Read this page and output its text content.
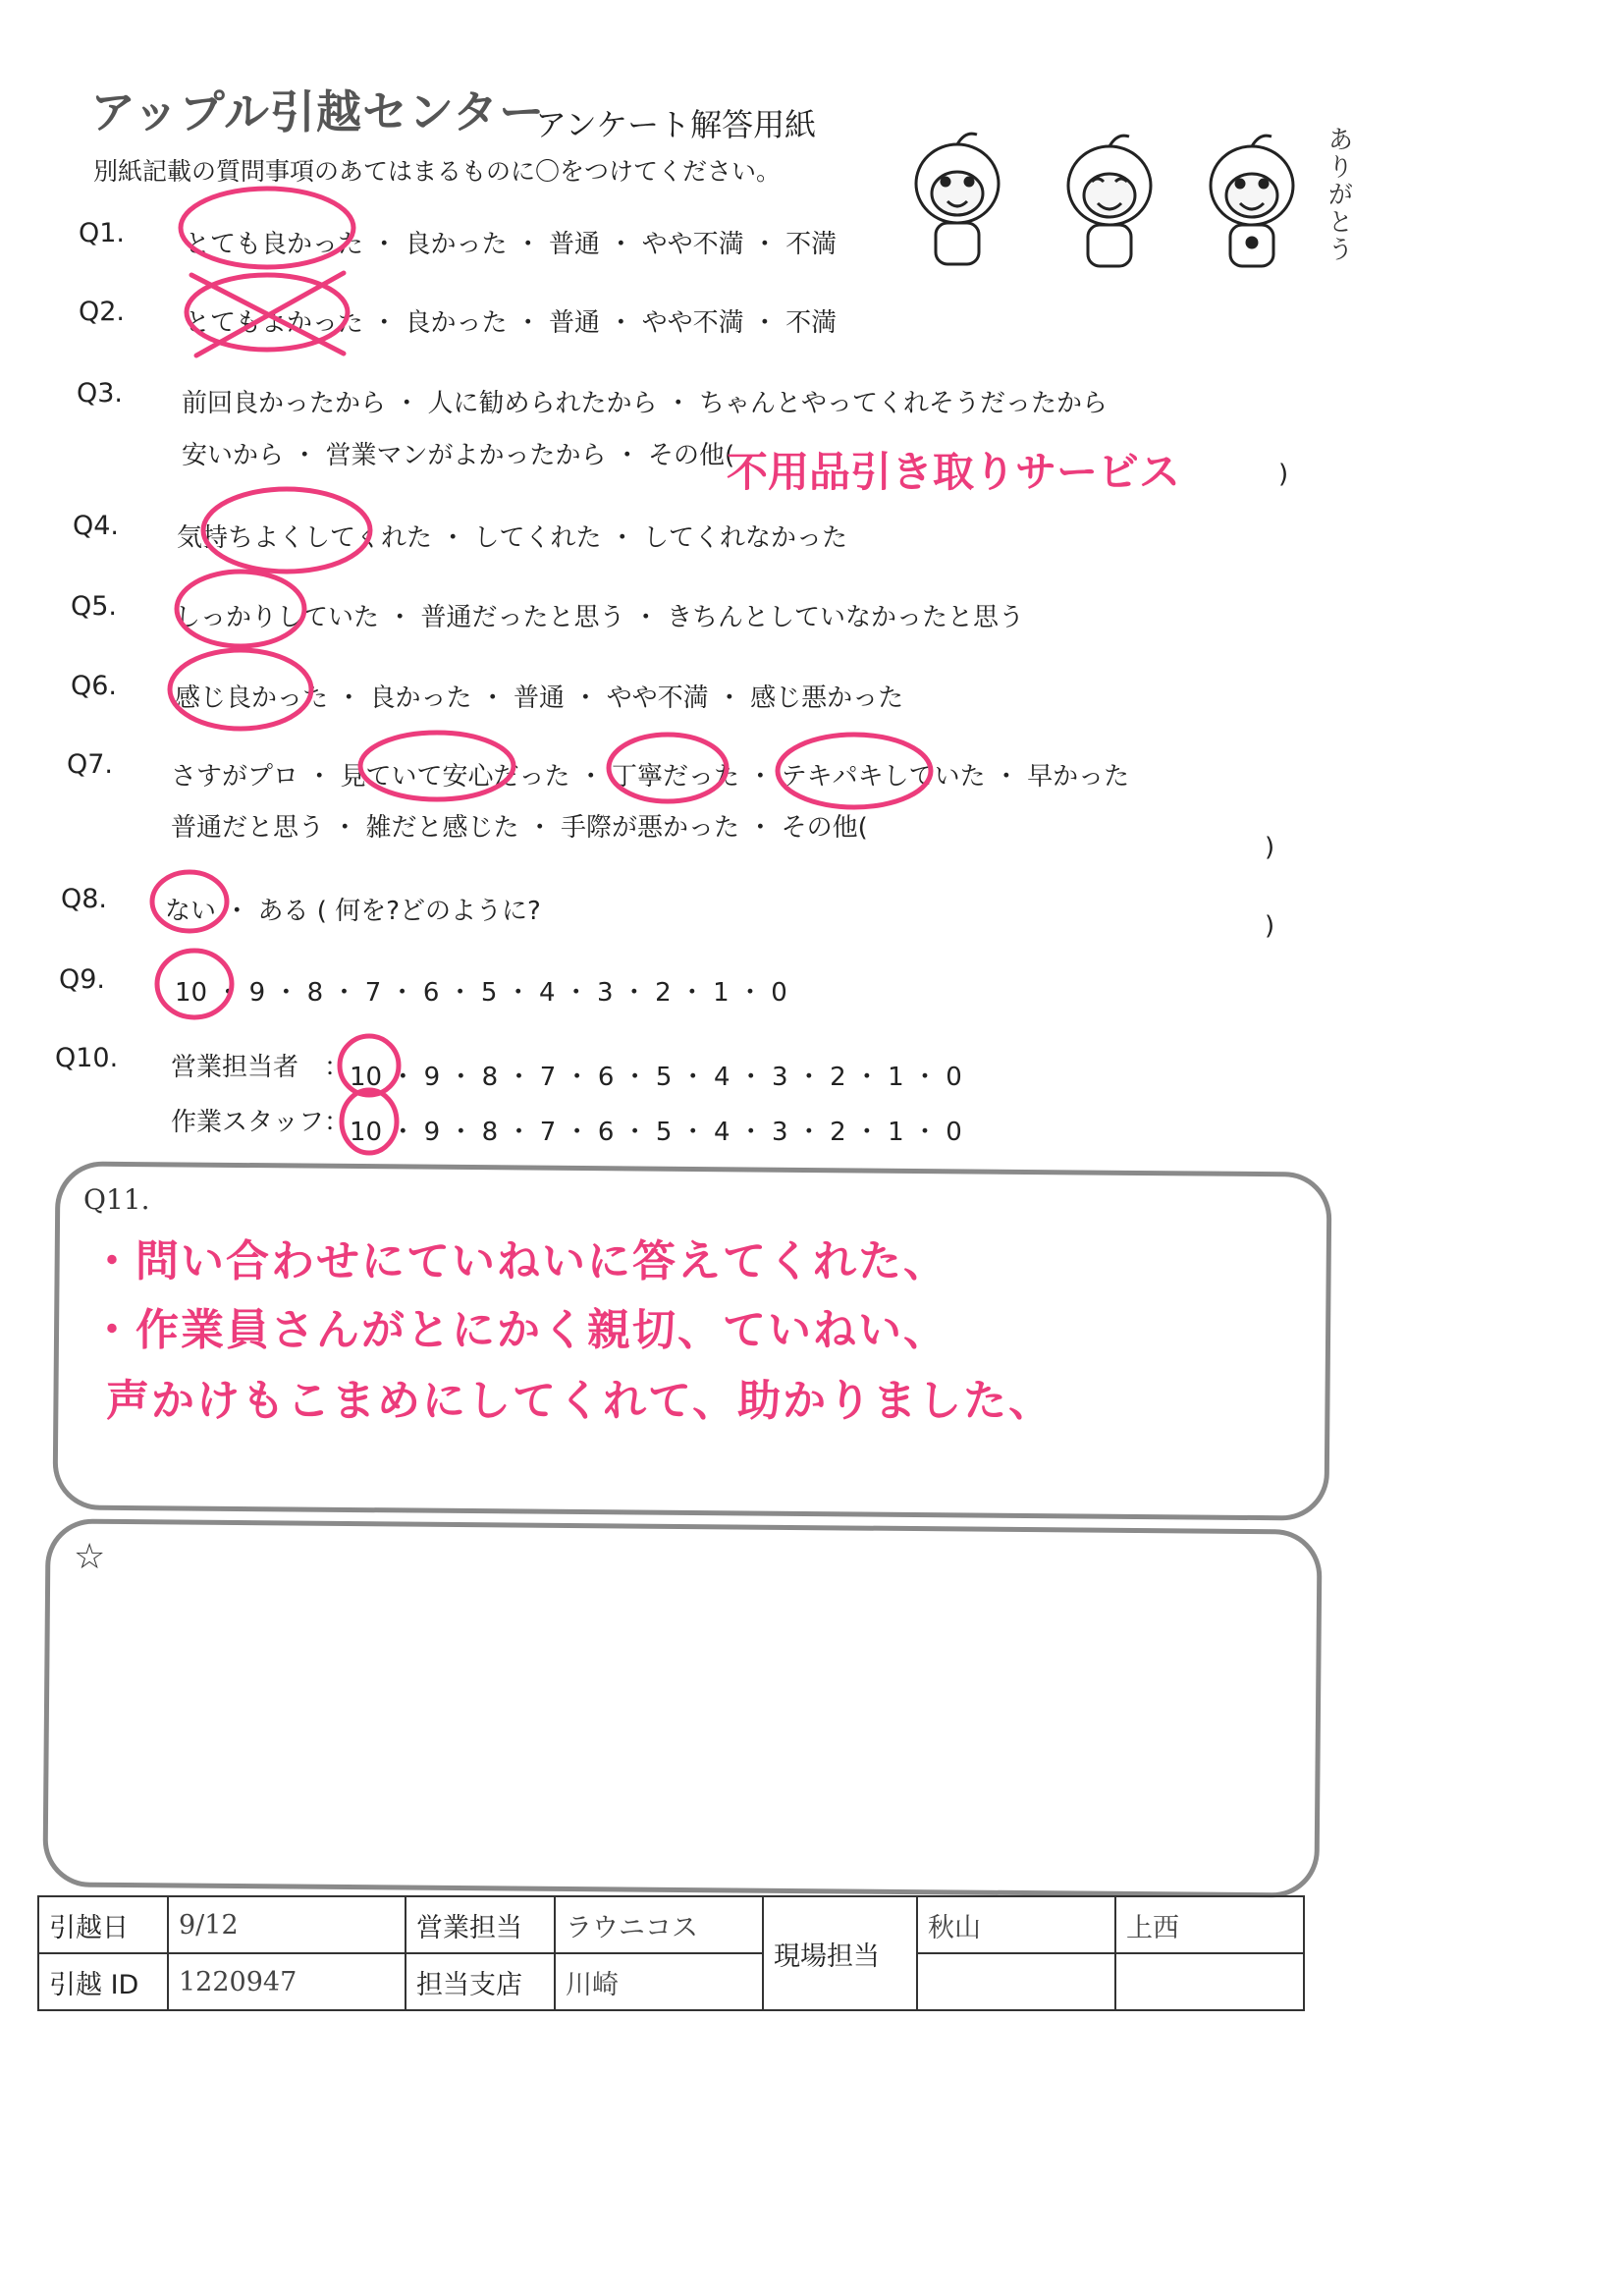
アップル引越センター
アンケート解答用紙
別紙記載の質問事項のあてはまるものに〇をつけてください。	ありがとう
Q1. とても良かった ・ 良かった ・ 普通 ・ やや不満 ・ 不満
Q2. とてもよかった ・ 良かった ・ 普通 ・ やや不満 ・ 不満
Q3. 前回良かったから ・ 人に勧められたから ・ ちゃんとやってくれそうだったから
安いから ・ 営業マンがよかったから ・ その他(
不用品引き取りサービス	)
Q4. 気持ちよくしてくれた ・ してくれた ・ してくれなかった
Q5. しっかりしていた ・ 普通だったと思う ・ きちんとしていなかったと思う
Q6. 感じ良かった ・ 良かった ・ 普通 ・ やや不満 ・ 感じ悪かった
Q7. さすがプロ ・ 見ていて安心だった ・ 丁寧だった ・ テキパキしていた ・ 早かった
普通だと思う ・ 雑だと感じた ・ 手際が悪かった ・ その他(
)
Q8. ない ・ ある ( 何を?どのように?	)
Q9.	10 ・ 9 ・ 8 ・ 7 ・ 6 ・ 5 ・ 4 ・ 3 ・ 2 ・ 1 ・ 0
Q10. 営業担当者 ： 10 ・ 9 ・ 8 ・ 7 ・ 6 ・ 5 ・ 4 ・ 3 ・ 2 ・ 1 ・ 0
作業スタッフ ： 10 ・ 9 ・ 8 ・ 7 ・ 6 ・ 5 ・ 4 ・ 3 ・ 2 ・ 1 ・ 0
Q11.
・問い合わせにていねいに答えてくれた、
・作業員さんがとにかく親切、ていねい、
声かけもこまめにしてくれて、助かりました、
☆
引越日	9/12	営業担当	ラウニコス	現場担当	秋山	上西
引越 ID	1220947	担当支店	川崎			
